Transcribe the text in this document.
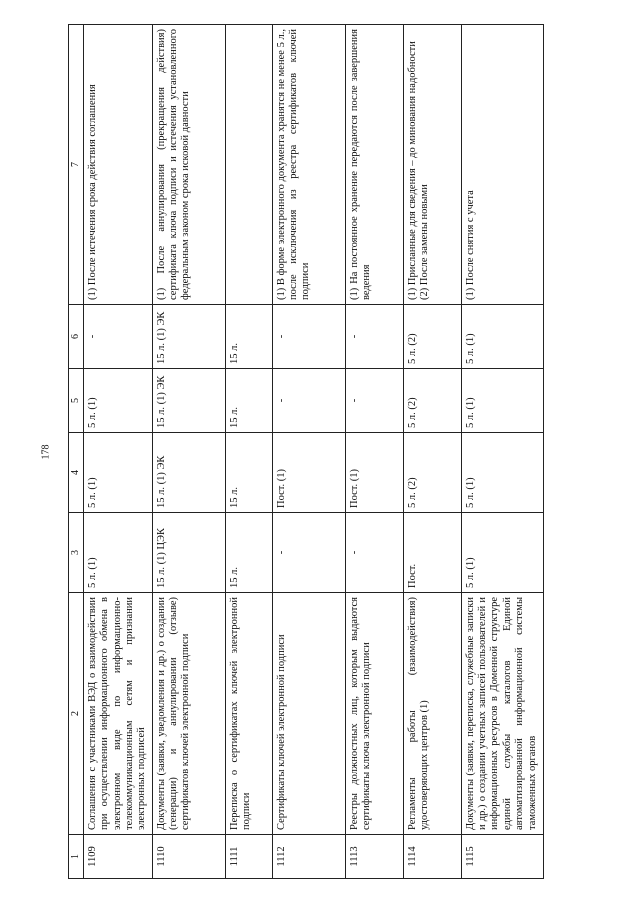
178
1	2	3	4	5	6	7
1109	Соглашения с участниками ВЭД о взаимодействии при осуществлении информационного обмена в электронном виде по информационно-телекоммуникационным сетям и признании электронных подписей	5 л. (1)	5 л. (1)	5 л. (1)	-	(1) После истечения срока действия соглашения
1110	Документы (заявки, уведомления и др.) о создании (генерации) и аннулировании (отзыве) сертификатов ключей электронной подписи	15 л. (1) ЦЭК	15 л. (1) ЭК	15 л. (1) ЭК	15 л. (1) ЭК	(1) После аннулирования (прекращения действия) сертификата ключа подписи и истечения установленного федеральным законом срока исковой давности
1111	Переписка о сертификатах ключей электронной подписи	15 л.	15 л.	15 л.	15 л.	
1112	Сертификаты ключей электронной подписи	-	Пост. (1)	-	-	(1) В форме электронного документа хранятся не менее 5 л., после исключения из реестра сертификатов ключей подписи
1113	Реестры должностных лиц, которым выдаются сертификаты ключа электронной подписи	-	Пост. (1)	-	-	(1) На постоянное хранение передаются после завершения ведения
1114	Регламенты работы (взаимодействия) удостоверяющих центров (1)	Пост.	5 л. (2)	5 л. (2)	5 л. (2)	(1) Присланные для сведения – до минования надобности
(2) После замены новыми
1115	Документы (заявки, переписка, служебные записки и др.) о создании учетных записей пользователей и информационных ресурсов в Доменной структуре единой службы каталогов Единой автоматизированной информационной системы таможенных органов	5 л. (1)	5 л. (1)	5 л. (1)	5 л. (1)	(1) После снятия с учета
